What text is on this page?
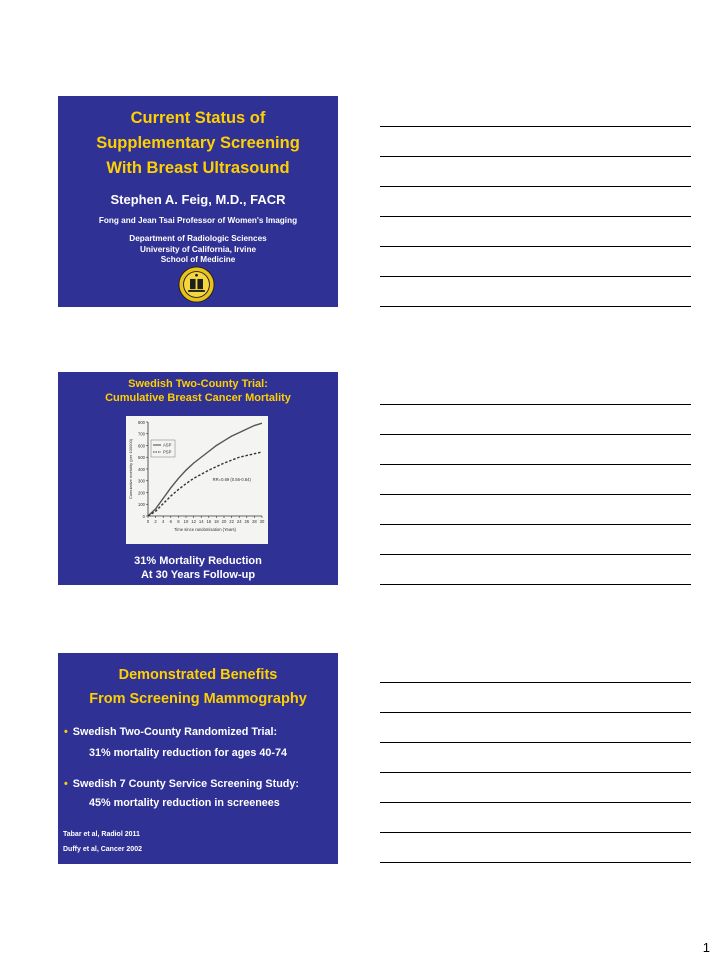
Current Status of
Supplementary Screening
With Breast Ultrasound
Stephen A. Feig, M.D., FACR
Fong and Jean Tsai Professor of Women's Imaging
Department of Radiologic Sciences
University of California, Irvine
School of Medicine
Swedish Two-County Trial:
Cumulative Breast Cancer Mortality
0
100
200
300
400
500
600
700
800
0 2 4 6 8 10 12 14 16 18 20 22 24 26 28 30
Time since randomisation (Years)
Cumulative mortality (per 100000)	ASP
PSP
RR=0.69 (0.56-0.84)
31% Mortality Reduction
At 30 Years Follow-up
Demonstrated Benefits
From Screening Mammography
• Swedish Two-County Randomized Trial:
31% mortality reduction for ages 40-74
• Swedish 7 County Service Screening Study:
45% mortality reduction in screenees
Tabar et al, Radiol 2011
Duffy et al, Cancer 2002
1
